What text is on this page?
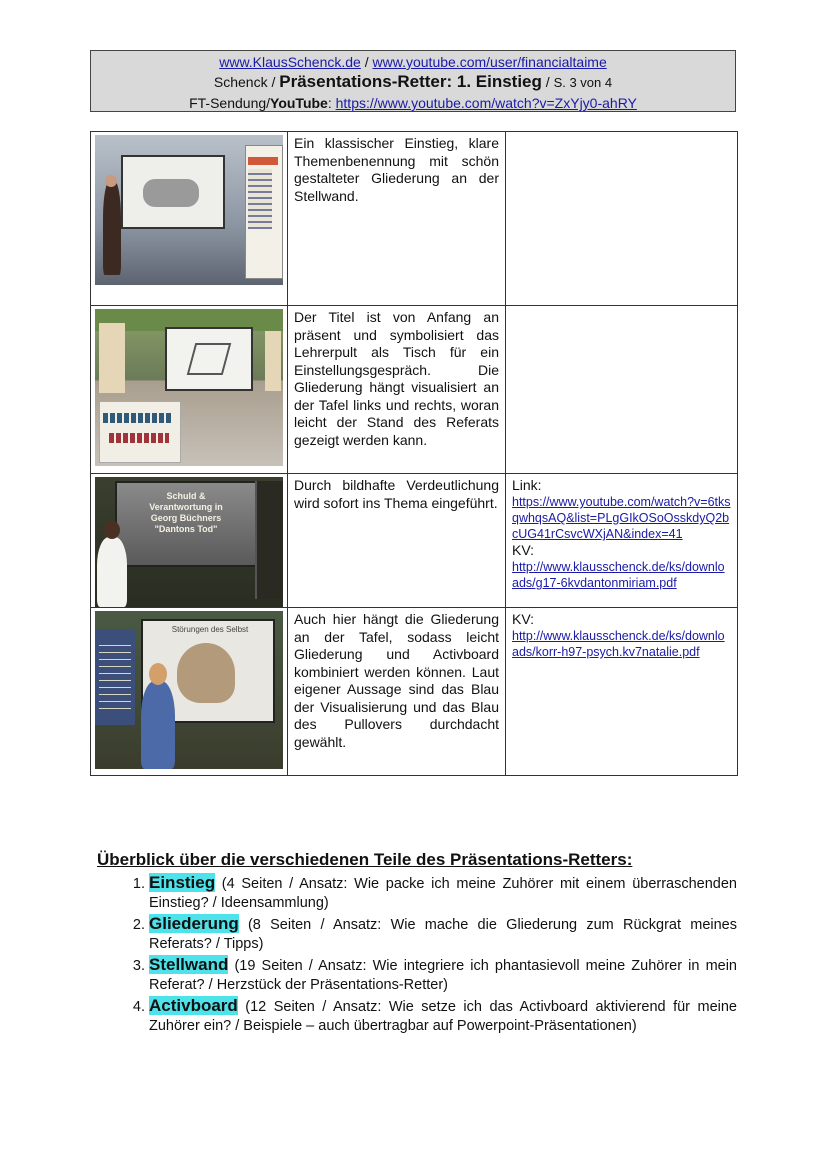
www.KlausSchenck.de / www.youtube.com/user/financialtaime
Schenck / Präsentations-Retter: 1. Einstieg / S. 3 von 4
FT-Sendung/YouTube: https://www.youtube.com/watch?v=ZxYjy0-ahRY
	Ein klassischer Einstieg, klare Themenbenennung mit schön gestalteter Gliederung an der Stellwand.	

	Der Titel ist von Anfang an präsent und symbolisiert das Lehrerpult als Tisch für ein Einstellungsgespräch. Die Gliederung hängt visualisiert an der Tafel links und rechts, woran leicht der Stand des Referats gezeigt werden kann.	

Schuld & Verantwortung in Georg Büchners "Dantons Tod"	Durch bildhafte Verdeutlichung wird sofort ins Thema eingeführt.	Link:
https://www.youtube.com/watch?v=6tksqwhqsAQ&list=PLgGIkOSoOsskdyQ2bcUG41rCsvcWXjAN&index=41
KV:
http://www.klausschenck.de/ks/downloads/g17-6kvdantonmiriam.pdf

Störungen des Selbst	Auch hier hängt die Gliederung an der Tafel, sodass leicht Gliederung und Activboard kombiniert werden können. Laut eigener Aussage sind das Blau der Visualisierung und das Blau des Pullovers durchdacht gewählt.	KV:
http://www.klausschenck.de/ks/downloads/korr-h97-psych.kv7natalie.pdf
Überblick über die verschiedenen Teile des Präsentations-Retters:
1. Einstieg (4 Seiten / Ansatz: Wie packe ich meine Zuhörer mit einem überraschenden Einstieg? / Ideensammlung)
2. Gliederung (8 Seiten / Ansatz: Wie mache die Gliederung zum Rückgrat meines Referats? / Tipps)
3. Stellwand (19 Seiten / Ansatz: Wie integriere ich phantasievoll meine Zuhörer in mein Referat? / Herzstück der Präsentations-Retter)
4. Activboard (12 Seiten / Ansatz: Wie setze ich das Activboard aktivierend für meine Zuhörer ein? / Beispiele – auch übertragbar auf Powerpoint-Präsentationen)
